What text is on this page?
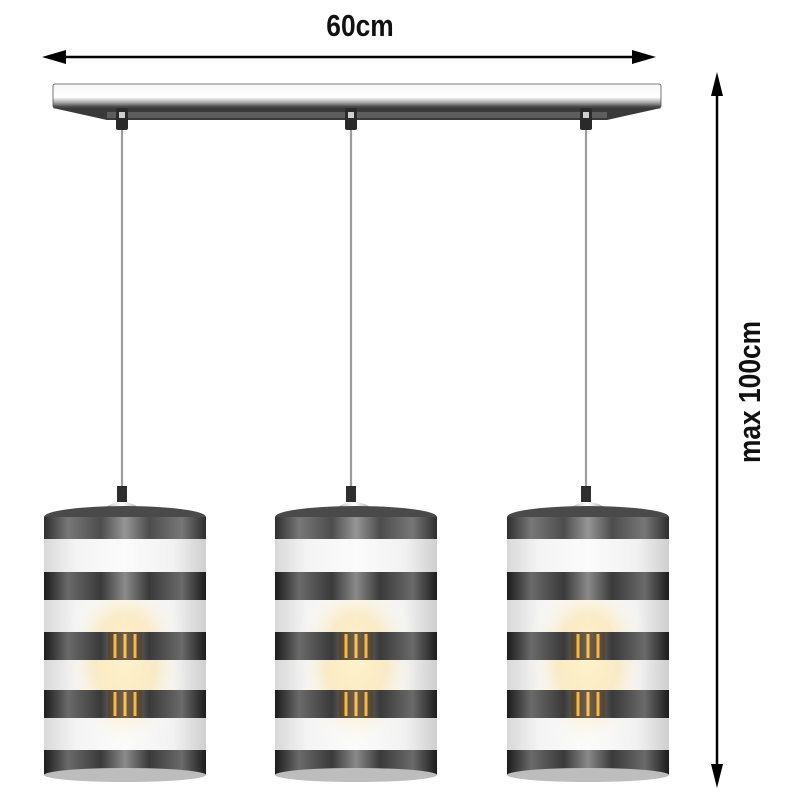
60cm
max 100cm
